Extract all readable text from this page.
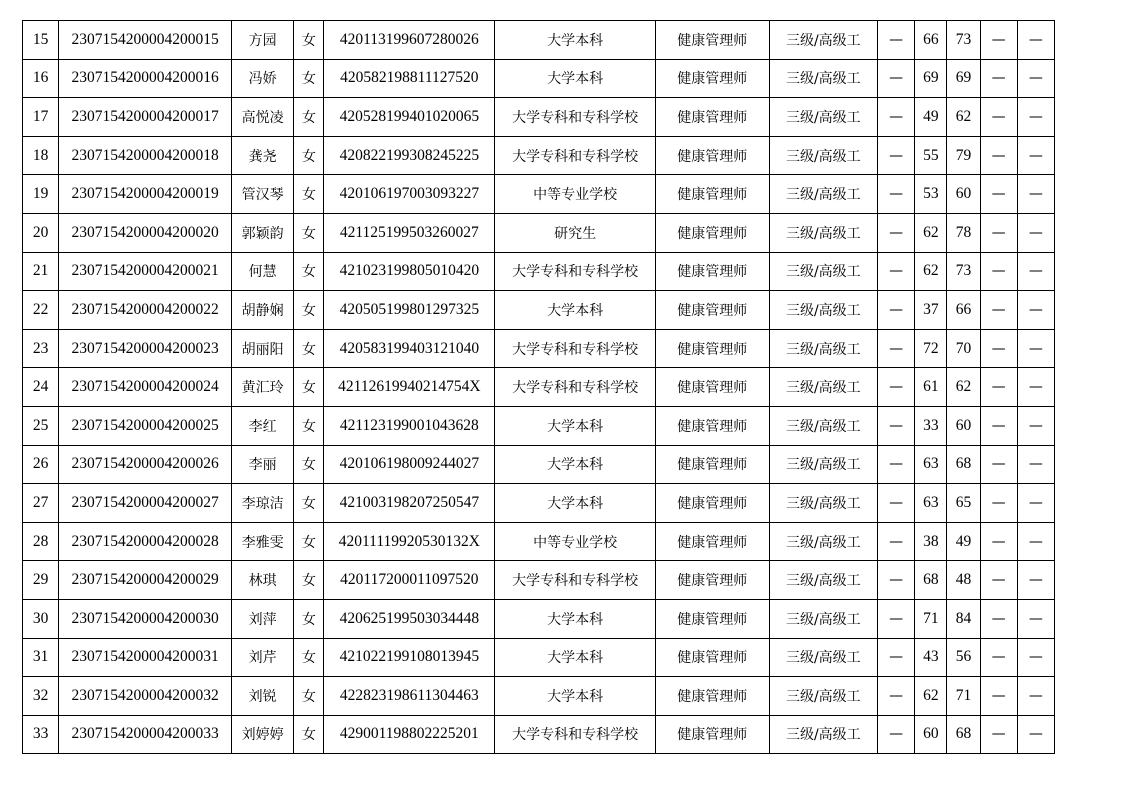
15	2307154200004200015	方园	女	420113199607280026	大学本科	健康管理师	三级/高级工	—	66	73	—	—
16	2307154200004200016	冯娇	女	420582198811127520	大学本科	健康管理师	三级/高级工	—	69	69	—	—
17	2307154200004200017	高悦凌	女	420528199401020065	大学专科和专科学校	健康管理师	三级/高级工	—	49	62	—	—
18	2307154200004200018	龚尧	女	420822199308245225	大学专科和专科学校	健康管理师	三级/高级工	—	55	79	—	—
19	2307154200004200019	管汉琴	女	420106197003093227	中等专业学校	健康管理师	三级/高级工	—	53	60	—	—
20	2307154200004200020	郭颖韵	女	421125199503260027	研究生	健康管理师	三级/高级工	—	62	78	—	—
21	2307154200004200021	何慧	女	421023199805010420	大学专科和专科学校	健康管理师	三级/高级工	—	62	73	—	—
22	2307154200004200022	胡静娴	女	420505199801297325	大学本科	健康管理师	三级/高级工	—	37	66	—	—
23	2307154200004200023	胡丽阳	女	420583199403121040	大学专科和专科学校	健康管理师	三级/高级工	—	72	70	—	—
24	2307154200004200024	黄汇玲	女	42112619940214754X	大学专科和专科学校	健康管理师	三级/高级工	—	61	62	—	—
25	2307154200004200025	李红	女	421123199001043628	大学本科	健康管理师	三级/高级工	—	33	60	—	—
26	2307154200004200026	李丽	女	420106198009244027	大学本科	健康管理师	三级/高级工	—	63	68	—	—
27	2307154200004200027	李琼洁	女	421003198207250547	大学本科	健康管理师	三级/高级工	—	63	65	—	—
28	2307154200004200028	李雅雯	女	42011119920530132X	中等专业学校	健康管理师	三级/高级工	—	38	49	—	—
29	2307154200004200029	林琪	女	420117200011097520	大学专科和专科学校	健康管理师	三级/高级工	—	68	48	—	—
30	2307154200004200030	刘萍	女	420625199503034448	大学本科	健康管理师	三级/高级工	—	71	84	—	—
31	2307154200004200031	刘芹	女	421022199108013945	大学本科	健康管理师	三级/高级工	—	43	56	—	—
32	2307154200004200032	刘锐	女	422823198611304463	大学本科	健康管理师	三级/高级工	—	62	71	—	—
33	2307154200004200033	刘婷婷	女	429001198802225201	大学专科和专科学校	健康管理师	三级/高级工	—	60	68	—	—
